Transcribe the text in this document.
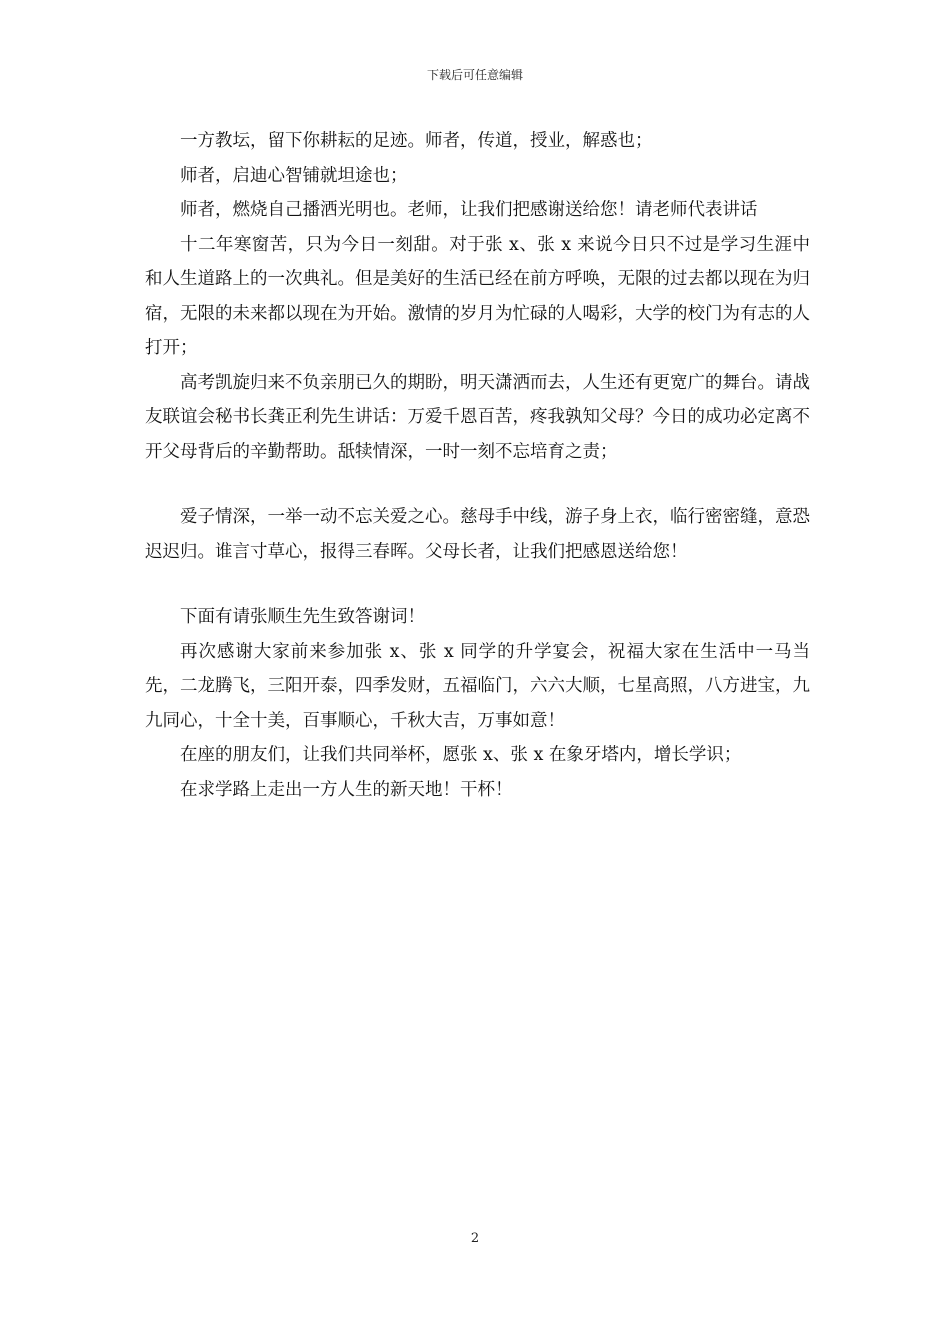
下载后可任意编辑

一方教坛，留下你耕耘的足迹。师者，传道，授业，解惑也；

师者，启迪心智铺就坦途也；

师者，燃烧自己播洒光明也。老师，让我们把感谢送给您！请老师代表讲话

十二年寒窗苦，只为今日一刻甜。对于张 x、张 x 来说今日只不过是学习生涯中和人生道路上的一次典礼。但是美好的生活已经在前方呼唤，无限的过去都以现在为归宿，无限的未来都以现在为开始。激情的岁月为忙碌的人喝彩，大学的校门为有志的人打开；

高考凯旋归来不负亲朋已久的期盼，明天潇洒而去，人生还有更宽广的舞台。请战友联谊会秘书长龚正利先生讲话：万爱千恩百苦，疼我孰知父母？今日的成功必定离不开父母背后的辛勤帮助。舐犊情深，一时一刻不忘培育之责；

爱子情深，一举一动不忘关爱之心。慈母手中线，游子身上衣，临行密密缝，意恐迟迟归。谁言寸草心，报得三春晖。父母长者，让我们把感恩送给您！

下面有请张顺生先生致答谢词！

再次感谢大家前来参加张 x、张 x 同学的升学宴会，祝福大家在生活中一马当先，二龙腾飞，三阳开泰，四季发财，五福临门，六六大顺，七星高照，八方进宝，九九同心，十全十美，百事顺心，千秋大吉，万事如意！

在座的朋友们，让我们共同举杯，愿张 x、张 x 在象牙塔内，增长学识；

在求学路上走出一方人生的新天地！干杯！

2
